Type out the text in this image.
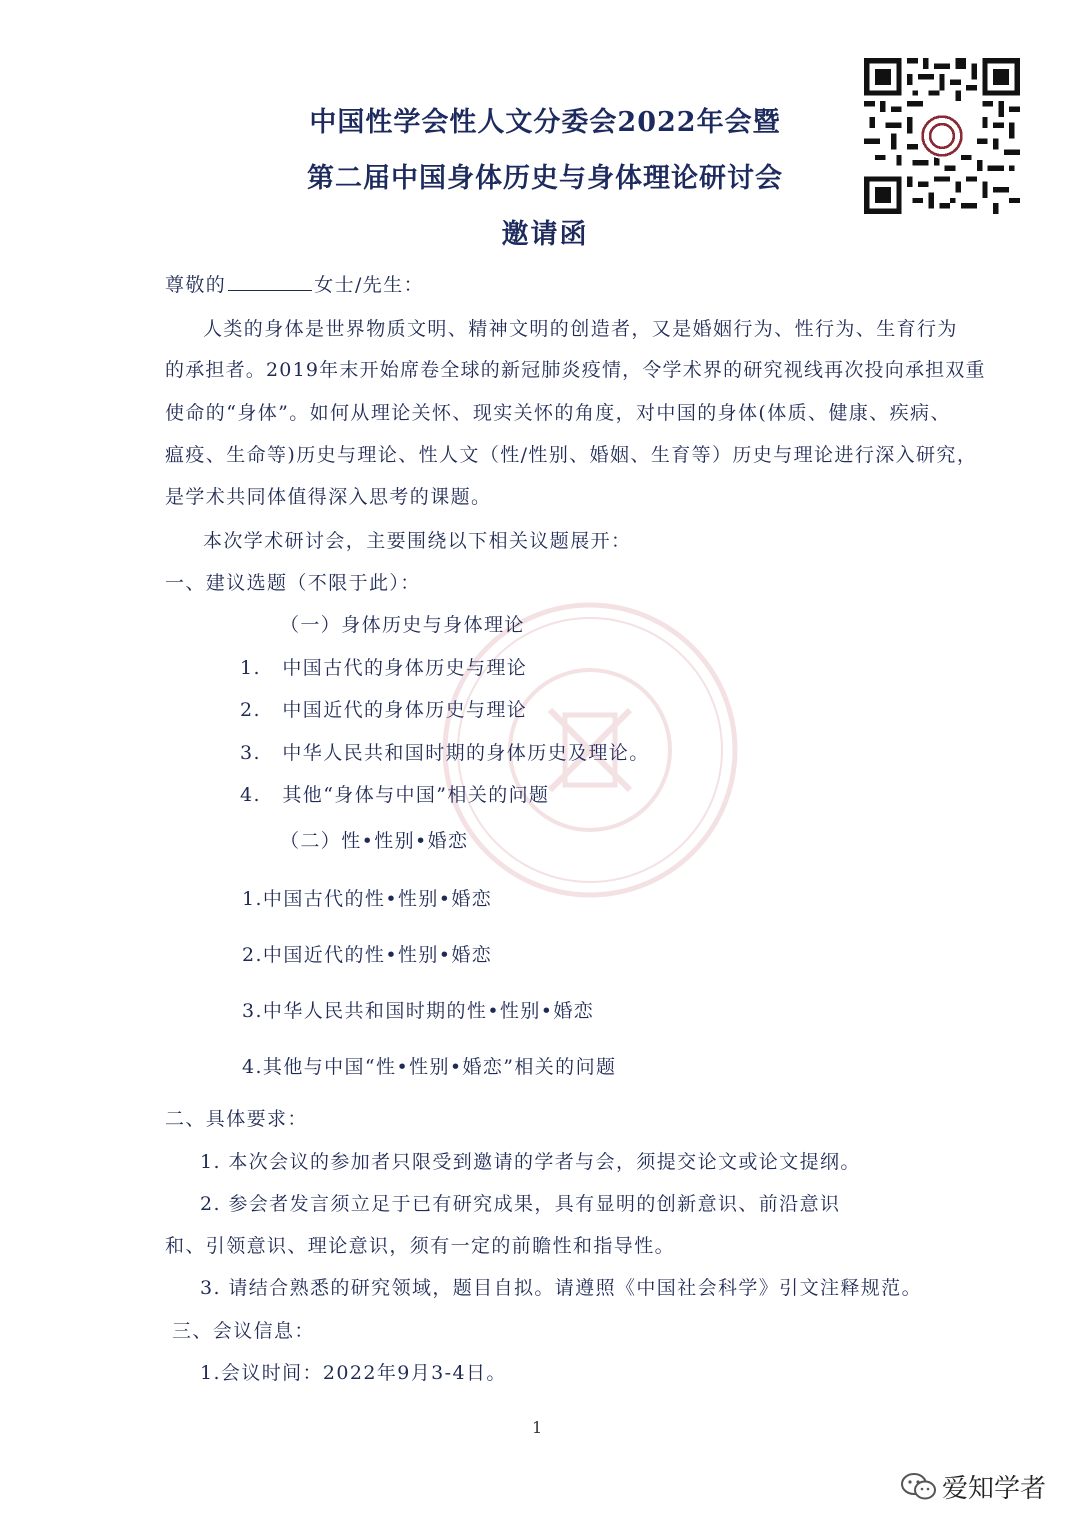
中国性学会性人文分委会2022年会暨
第二届中国身体历史与身体理论研讨会
邀请函
尊敬的	女士/先生：
人类的身体是世界物质文明、精神文明的创造者，又是婚姻行为、性行为、生育行为
的承担者。2019年末开始席卷全球的新冠肺炎疫情，令学术界的研究视线再次投向承担双重
使命的“身体”。如何从理论关怀、现实关怀的角度，对中国的身体(体质、健康、疾病、
瘟疫、生命等)历史与理论、性人文（性/性别、婚姻、生育等）历史与理论进行深入研究，
是学术共同体值得深入思考的课题。
本次学术研讨会，主要围绕以下相关议题展开：
一、建议选题（不限于此）：
（一）身体历史与身体理论
1. 中国古代的身体历史与理论
2. 中国近代的身体历史与理论
3. 中华人民共和国时期的身体历史及理论。
4. 其他“身体与中国”相关的问题
（二）性•性别•婚恋
1.中国古代的性•性别•婚恋
2.中国近代的性•性别•婚恋
3.中华人民共和国时期的性•性别•婚恋
4.其他与中国“性•性别•婚恋”相关的问题
二、具体要求：
1. 本次会议的参加者只限受到邀请的学者与会，须提交论文或论文提纲。
2. 参会者发言须立足于已有研究成果，具有显明的创新意识、前沿意识
和、引领意识、理论意识，须有一定的前瞻性和指导性。
3. 请结合熟悉的研究领域，题目自拟。请遵照《中国社会科学》引文注释规范。
三、会议信息：
1.会议时间：2022年9月3-4日。
1
爱知学者
